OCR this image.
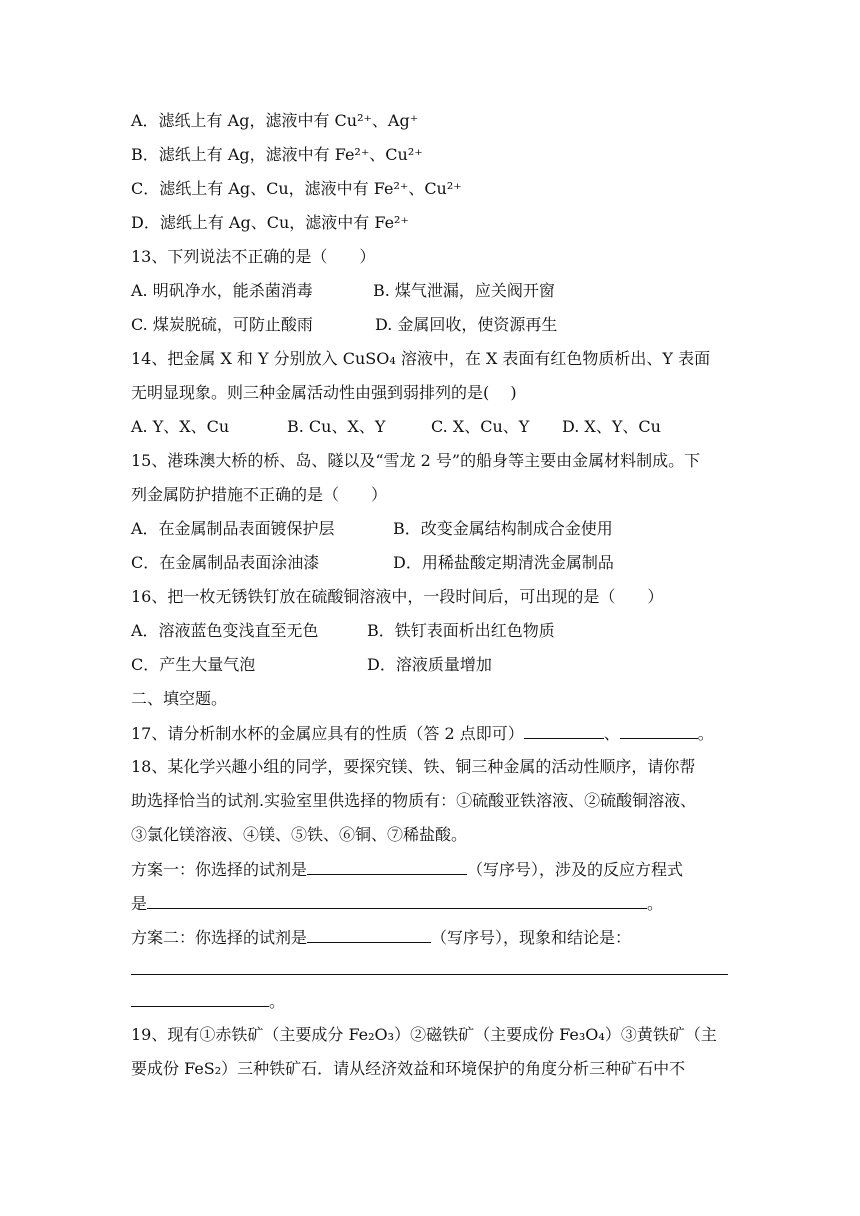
A．滤纸上有 Ag，滤液中有 Cu²⁺、Ag⁺
B．滤纸上有 Ag，滤液中有 Fe²⁺、Cu²⁺
C．滤纸上有 Ag、Cu，滤液中有 Fe²⁺、Cu²⁺
D．滤纸上有 Ag、Cu，滤液中有 Fe²⁺
13、下列说法不正确的是（　　）
A. 明矾净水，能杀菌消毒	B. 煤气泄漏，应关阀开窗
C. 煤炭脱硫，可防止酸雨	D. 金属回收，使资源再生
14、把金属 X 和 Y 分别放入 CuSO₄ 溶液中，在 X 表面有红色物质析出、Y 表面
无明显现象。则三种金属活动性由强到弱排列的是(　 )
A. Y、X、Cu	B. Cu、X、Y	C. X、Cu、Y D. X、Y、Cu
15、港珠澳大桥的桥、岛、隧以及“雪龙 2 号”的船身等主要由金属材料制成。下
列金属防护措施不正确的是（　　）
A．在金属制品表面镀保护层	B．改变金属结构制成合金使用
C．在金属制品表面涂油漆	D．用稀盐酸定期清洗金属制品
16、把一枚无锈铁钉放在硫酸铜溶液中，一段时间后，可出现的是（　　）
A．溶液蓝色变浅直至无色	B．铁钉表面析出红色物质
C．产生大量气泡	D．溶液质量增加
二、填空题。
17、请分析制水杯的金属应具有的性质（答 2 点即可）	、	。
18、某化学兴趣小组的同学，要探究镁、铁、铜三种金属的活动性顺序，请你帮
助选择恰当的试剂.实验室里供选择的物质有：①硫酸亚铁溶液、②硫酸铜溶液、
③氯化镁溶液、④镁、⑤铁、⑥铜、⑦稀盐酸。
方案一：你选择的试剂是	（写序号），涉及的反应方程式
是	。
方案二：你选择的试剂是	（写序号），现象和结论是：
。
19、现有①赤铁矿（主要成分 Fe₂O₃）②磁铁矿（主要成份 Fe₃O₄）③黄铁矿（主
要成份 FeS₂）三种铁矿石．请从经济效益和环境保护的角度分析三种矿石中不
